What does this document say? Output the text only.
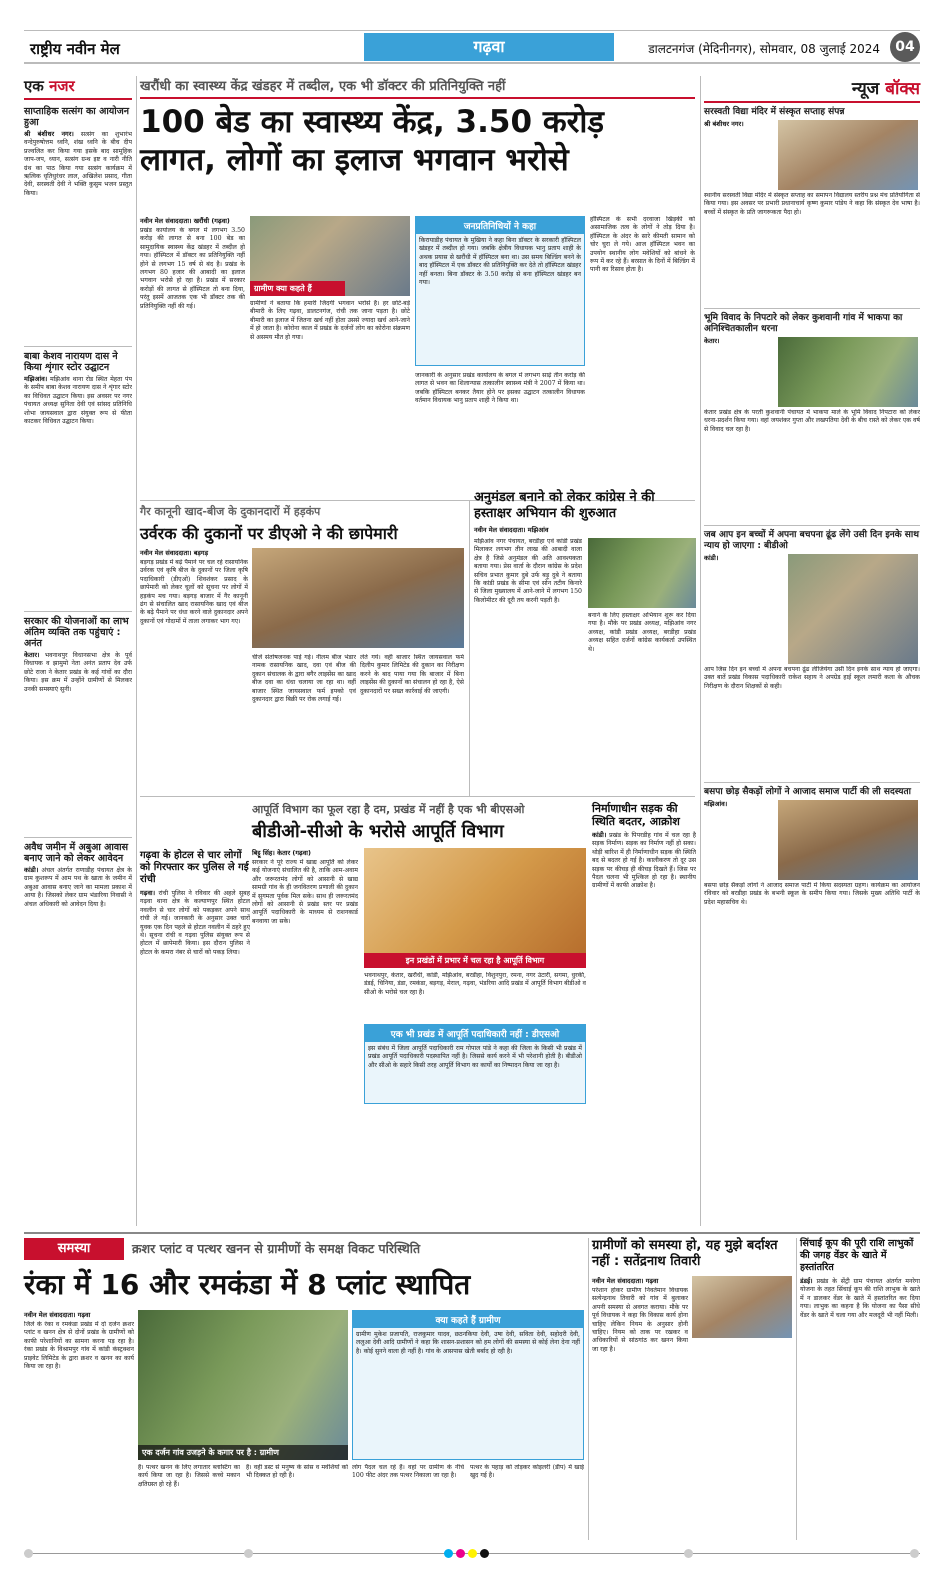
राष्ट्रीय नवीन मेल	गढ़वा	डालटनगंज (मेदिनीनगर), सोमवार, 08 जुलाई 2024	04
एक नजर
साप्ताहिक सत्संग का आयोजन हुआ
श्री बंशीधर नगर। सत्संग का शुभारंभ वन्देपुरुषोत्तम ध्वनि, शंख ध्वनि के बीच दीप प्रज्वलित कर किया गया इसके बाद सामूहिक जाप-जप, ध्यान, सत्संग ग्रन्थ इष्ट व नारी नीति ग्रंथ का पाठ किया गया सत्संग कार्यक्रम में ऋत्विक धृतिधुरंधर लाल, अखिलेश प्रसाद, गीता देवी, सरस्वती देवी ने भक्ति कुसुम भजन प्रस्तुत किया।
बाबा केशव नारायण दास ने किया शृंगार स्टोर उद्घाटन
मझिआंव। मझिआंव थाना रोड स्थित मेहता पंप के समीप बाबा केशव नारायण दास ने शृंगार स्टोर का विधिवत उद्घाटन किया। इस अवसर पर नगर पंचायत अध्यक्ष सुनिता देवी एवं सांसद प्रतिनिधि शोभा जायसवाल द्वारा संयुक्त रूप से फीता काटकर विधिवत उद्घाटन किया।
सरकार की योजनाओं का लाभ अंतिम व्यक्ति तक पहुंचाएं : अनंत
केतार। भवनाथपुर विधानसभा क्षेत्र के पूर्व विधायक व झामुमो नेता अनंत प्रताप देव उर्फ छोटे राजा ने केतार प्रखंड के कई गांवों का दौरा किया। इस क्रम में उन्होंने ग्रामीणों से मिलकर उनकी समस्याएं सुनी।
अवैध जमीन में अबुआ आवास बनाए जाने को लेकर आवेदन
कांडी। अंचल अंतर्गत राणाडीह पंचायत क्षेत्र के ग्राम कुशरूप में आम पथ के खाता के जमीन में अबुआ आवास बनाए जाने का मामला प्रकाश में आया है। जिसको लेकर ग्राम भंडारिया निवासी ने अंचल अधिकारी को आवेदन दिया है।
खरौंधी का स्वास्थ्य केंद्र खंडहर में तब्दील, एक भी डॉक्टर की प्रतिनियुक्ति नहीं
100 बेड का स्वास्थ्य केंद्र, 3.50 करोड़
लागत, लोगों का इलाज भगवान भरोसे
नवीन मेल संवाददाता। खरौंधी (गढ़वा)
प्रखंड कार्यालय के बगल में लगभग 3.50 करोड़ की लागत से बना 100 बेड का सामुदायिक स्वास्थ्य केंद्र खंडहर में तब्दील हो गया। हॉस्पिटल में डॉक्टर का प्रतिनियुक्ति नहीं होने से लगभग 15 वर्ष से बंद है। प्रखंड के लगभग 80 हजार की आबादी का इलाज भगवान भरोसे हो रहा है। प्रखंड में सरकार करोड़ों की लागत से हॉस्पिटल तो बना दिया, परंतु इसमें आजतक एक भी डॉक्टर तक की प्रतिनियुक्ति नहीं की गई।
ग्रामीण क्या कहते हैं
ग्रामीणों ने बताया कि हमारी जिंदगी भगवान भरोसे है। हर छोटे-बड़े बीमारी के लिए गढ़वा, डालटनगंज, रांची तक जाना पड़ता है। छोटे बीमारी का इलाज में जितना खर्च नहीं होता उससे ज्यादा खर्च आने-जाने में हो जाता है। कोरोना काल में प्रखंड के दर्जनों लोग का कोरोना संक्रमण से असमय मौत हो गया।
जनप्रतिनिधियों ने कहा
किरायाडीह पंचायत के मुखिया ने कहा बिना डॉक्टर के सरकारी हॉस्पिटल खंडहर में तब्दील हो गया। जबकि क्षेत्रीय विधायक भानु प्रताप शाही के अथक प्रयास से खरौंधी में हॉस्पिटल बना था। उस समय बिल्डिंग बनने के बाद हॉस्पिटल में एक डॉक्टर की प्रतिनियुक्ति कर देते तो हॉस्पिटल खंडहर नहीं बनता। बिना डॉक्टर के 3.50 करोड़ से बना हॉस्पिटल खंडहर बन गया।
जानकारी के अनुसार प्रखंड कार्यालय के बगल में लगभग साढ़े तीन करोड़ की लागत से भवन का शिलान्यास तत्कालीन स्वास्थ्य मंत्री ने 2007 में किया था। जबकि हॉस्पिटल बनकर तैयार होने पर इसका उद्घाटन तत्कालीन विधायक वर्तमान विधायक भानु प्रताप शाही ने किया था।
हॉस्पिटल के सभी दरवाजा खिड़की को असामाजिक तत्व के लोगों ने तोड़ दिया है। हॉस्पिटल के अंदर के सारे कीमती सामान को चोर चुरा ले गये। आज हॉस्पिटल भवन का उपयोग स्थानीय लोग मवेशियों को बांधने के रूप में कर रहे हैं। बरसात के दिनों में बिल्डिंग में पानी का रिसाव होता है।
गैर कानूनी खाद-बीज के दुकानदारों में हड़कंप
उर्वरक की दुकानों पर डीएओ ने की छापेमारी
नवीन मेल संवाददाता। बड़गड़
बड़गड़ प्रखंड में बढ़े पैमाने पर चल रहे रासायनिक उर्वरक एवं कृषि बीज के दुकानों पर जिला कृषि पदाधिकारी (डीएओ) शिवशंकर प्रसाद के छापेमारी को लेकर चूलों को सूचना पर लोगों में हड़कंप मच गया। बड़गड़ बाजार में गैर कानूनी ढंग से संचालित खाद रासायनिक खाद एवं बीज के बढ़े पैमाने पर धंधा करने वाले दुकानदार अपने दुकानों एवं गोदामों में ताला लगाकर भाग गए।
चीजें संतोषजनक पाई गई। नीलम बीज भंडार नामक रासायनिक खाद, दवा एवं बीज की दुकान संचालक के द्वारा बगैर लाइसेंस का खाद बीज दवा का धंधा चलाया जा रहा था। वहीं बाजार स्थित जायसवाल फर्म इफ्को एवं दुकानदार द्वारा बिक्री पर रोक लगाई गई।
लेते गये। वहीं बाजार स्थित जायसवाल फर्म दिलीप कुमार लिमिटेड की दुकान का निरीक्षण करने के बाद पाया गया कि बाजार में बिना लाइसेंस की दुकानों का संचालन हो रहा है, ऐसे दुकानदारों पर सख्त कार्रवाई की जाएगी।
अनुमंडल बनाने को लेकर कांग्रेस ने की हस्ताक्षर अभियान की शुरुआत
नवीन मेल संवाददाता। मझिआंव
मझिआंव नगर पंचायत, बरडीहा एवं कांडी प्रखंड मिलाकर लगभग तीन लाख की आबादी वाला क्षेत्र है जिसे अनुमंडल की अति आवश्यकता बताया गया। प्रेस वार्ता के दौरान कांग्रेस के प्रदेश सचिव प्रभात कुमार दुबे उर्फ बड़ू दुबे ने बताया कि कांडी प्रखंड के सीमा एवं सोन तटीय किनारे से जिला मुख्यालय में आने-जाने में लगभग 150 किलोमीटर की दूरी तय करनी पड़ती है।
बनाने के लिए हस्ताक्षर अभियान शुरू कर दिया गया है। मौके पर प्रखंड अध्यक्ष, मझिआंव नगर अध्यक्ष, कांडी प्रखंड अध्यक्ष, बरडीहा प्रखंड अध्यक्ष सहित दर्जनों कांग्रेस कार्यकर्ता उपस्थित थे।
गढ़वा के होटल से चार लोगों को गिरफ्तार कर पुलिस ले गई रांची
गढ़वा। रांची पुलिस ने रविवार की अहले सुबह गढ़वा थाना क्षेत्र के कल्याणपुर स्थित होटल नवलीन से चार लोगों को पकड़कर अपने साथ रांची ले गई। जानकारी के अनुसार उक्त चारों युवक एक दिन पहले से होटल नवलीन में ठहरे हुए थे। सूचना रांची व गढ़वा पुलिस संयुक्त रूप से होटल में छापेमारी किया। इस दौरान पुलिस ने होटल के कमरा नंबर से चारों को पकड़ लिया।
आपूर्ति विभाग का फूल रहा है दम, प्रखंड में नहीं है एक भी बीएसओ
बीडीओ-सीओ के भरोसे आपूर्ति विभाग
बिट्टू सिंह। केतार (गढ़वा)
सरकार ने पूरे राज्य में खाद्य आपूर्ति को लेकर कई योजनाएं संचालित की है, ताकि आम-अवाम और जरूरतमंद लोगों को आसानी से खाद्य सामग्री गांव के ही जनवितरण प्रणाली की दुकान में सुगमता पूर्वक मिल सके। साथ ही जरूरतमंद लोगों को आसानी से प्रखंड स्तर पर प्रखंड आपूर्ति पदाधिकारी के माध्यम से राशनकार्ड बनवाया जा सके।
इन प्रखंडों में प्रभार में चल रहा है आपूर्ति विभाग
भवनाथपुर, केतार, खरौंधी, कांडी, मझिआंव, बरडीहा, विशुनपुरा, रमना, नगर उंटारी, सगमा, धुरकी, डंडई, चिनिया, डंडा, रमकंडा, बड़गड़, मेराल, गढ़वा, भंडरिया आदि प्रखंड में आपूर्ति विभाग बीडीओ व सीओ के भरोसे चल रहा है।
एक भी प्रखंड में आपूर्ति पदाधिकारी नहीं : डीएसओ
इस संबंध में जिला आपूर्ति पदाधिकारी राम गोपाल पांडे ने कहा की जिला के किसी भी प्रखंड में प्रखंड आपूर्ति पदाधिकारी पदस्थापित नहीं है। जिससे कार्य करने में भी परेशानी होती है। बीडीओ और सीओ के सहारे किसी तरह आपूर्ति विभाग का कार्यों का निष्पादन किया जा रहा है।
निर्माणाधीन सड़क की स्थिति बदतर, आक्रोश
कांडी। प्रखंड के पिपरडीह गांव में चल रहा है सड़क निर्माण। सड़क का निर्माण नहीं हो सका। थोड़ी बारिश में ही निर्माणाधीन सड़क की स्थिति बद से बदतर हो गई है। कालीकरण तो दूर उस सड़क पर कीचड़ ही कीचड़ दिखते हैं। जिस पर पैदल चलना भी मुश्किल हो रहा है। स्थानीय ग्रामीणों में काफी आक्रोश है।
न्यूज बॉक्स
सरस्वती विद्या मंदिर में संस्कृत सप्ताह संपन्न
श्री बंशीधर नगर।
स्थानीय सरस्वती विद्या मंदिर में संस्कृत सप्ताह का समापन विद्यालय स्तरीय प्रश्न मंच प्रतियोगिता से किया गया। इस अवसर पर प्रभारी प्रधानाचार्य कृष्ण कुमार पांडेय ने कहा कि संस्कृत देव भाषा है। बच्चों में संस्कृत के प्रति जागरूकता पैदा हो।
भूमि विवाद के निपटारे को लेकर कुशवानी गांव में भाकपा का अनिश्चितकालीन धरना
केतार।
केतार प्रखंड क्षेत्र के परती कुशवानी पंचायत में भाकपा माले के भूमि विवाद निपटारा को लेकर धरना-प्रदर्शन किया गया। वहां जयशंकर गुप्ता और लखपतिया देवी के बीच रास्ते को लेकर एक वर्ष से विवाद चल रहा है।
जब आप इन बच्चों में अपना बचपना ढूंढ लेंगे उसी दिन इनके साथ न्याय हो जाएगा : बीडीओ
कांडी।
आप जिस दिन इन बच्चों में अपना बचपना ढूंढ लीजियेगा उसी दिन इनके साथ न्याय हो जाएगा। उक्त बातें प्रखंड विकास पदाधिकारी राकेश सहाय ने अपग्रेड हाई स्कूल लमारी कला के औचक निरीक्षण के दौरान शिक्षकों से कही।
बसपा छोड़ सैकड़ों लोगों ने आजाद समाज पार्टी की ली सदस्यता
मझिआंव।
बसपा छोड़ सैकड़ों लोगों ने आजाद समाज पार्टी में किया सदस्यता ग्रहण। कार्यक्रम का आयोजन रविवार को बरडीहा प्रखंड के बभनी स्कूल के समीप किया गया। जिसके मुख्य अतिथि पार्टी के प्रदेश महासचिव थे।
समस्या	क्रशर प्लांट व पत्थर खनन से ग्रामीणों के समक्ष विकट परिस्थिति
रंका में 16 और रमकंडा में 8 प्लांट स्थापित
नवीन मेल संवाददाता। गढ़वा
जिले के रंका व रमकंडा प्रखंड में दो दर्जन क्रशर प्लांट व खनन क्षेत्र से दोनों प्रखंड के ग्रामीणों को काफी परेशानियों का सामना करना पड़ रहा है। रंका प्रखंड के विश्रामपुर गांव में कांडी कंस्ट्रक्शन प्राइवेट लिमिटेड के द्वारा क्रशर व खनन का कार्य किया जा रहा है।
एक दर्जन गांव उजड़ने के कगार पर है : ग्रामीण
है। पत्थर खनन के लिए लगातार ब्लास्टिंग का कार्य किया जा रहा है। जिससे कच्चे मकान क्षतिग्रस्त हो रहे हैं।
है। वहीं डस्ट से मनुष्य के सांस व मवेशियों को भी दिक्कत हो रही है।
क्या कहते हैं ग्रामीण
ग्रामीण मुकेश प्रजापति, राजकुमार यादव, छठनकिया देवी, उषा देवी, सविता देवी, सहोदरी देवी, ललुआ देवी आदि ग्रामीणों ने कहा कि शासन-प्रशासन को हम लोगों की समस्या से कोई लेना देना नहीं है। कोई सुनने वाला ही नहीं है। गांव के आसपास खेती बर्बाद हो रही है।
लोग पैदल चल रहे हैं। वहां पर ग्रामीण के नीचे 100 फीट अंदर तक पत्थर निकाला जा रहा है।
पत्थर के पहाड़ को तोड़कर कोइलरी (डीप) में खाई खुद गई है।
ग्रामीणों को समस्या हो, यह मुझे बर्दाश्त नहीं : सतेंद्रनाथ तिवारी
नवीन मेल संवाददाता। गढ़वा
परेशान होकर ग्रामीण निवर्तमान विधायक सत्येन्द्रनाथ तिवारी को गांव में बुलाकर अपनी समस्या से अवगत कराया। मौके पर पूर्व विधायक ने कहा कि विकास कार्य होना चाहिए लेकिन नियम के अनुसार होनी चाहिए। नियम को ताक पर रखकर व अधिकारियों से सांठगांठ कर खनन किया जा रहा है।
सिंचाई कूप की पूरी राशि लाभुकों की जगह वेंडर के खाते में हस्तांतरित
डंडई। प्रखंड के सेंट्री ग्राम पंचायत अंतर्गत मनरेगा योजना के तहत सिंचाई कूप की राशि लाभुक के खाते में न डालकर वेंडर के खाते में हस्तांतरित कर दिया गया। लाभुक का कहना है कि योजना का पैसा सीधे वेंडर के खाते में चला गया और मजदूरी भी नहीं मिली।
